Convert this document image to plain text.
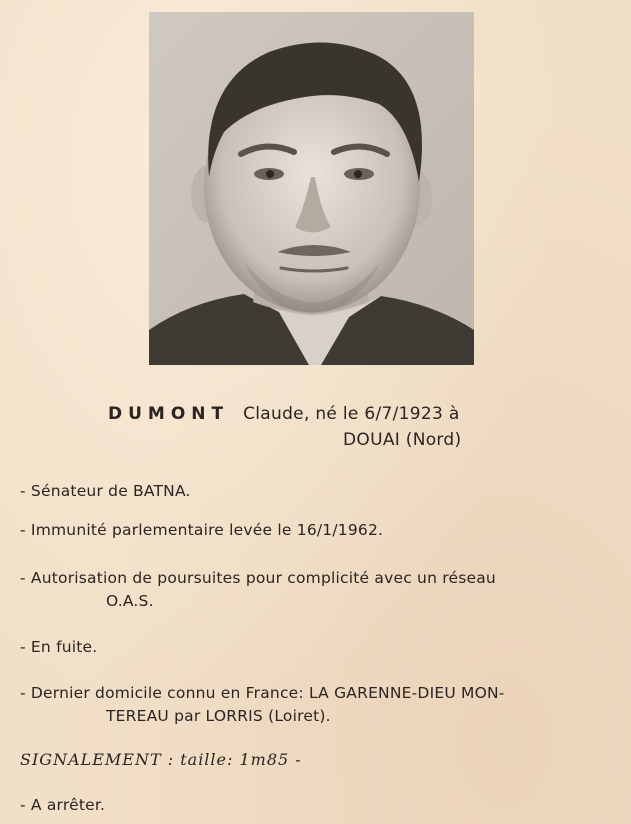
DUMONT Claude, né le 6/7/1923 à
DOUAI (Nord)
- Sénateur de BATNA.
- Immunité parlementaire levée le 16/1/1962.
- Autorisation de poursuites pour complicité avec un réseau
O.A.S.
- En fuite.
- Dernier domicile connu en France: LA GARENNE-DIEU MON-
TEREAU par LORRIS (Loiret).
SIGNALEMENT : taille: 1m85 -
- A arrêter.
